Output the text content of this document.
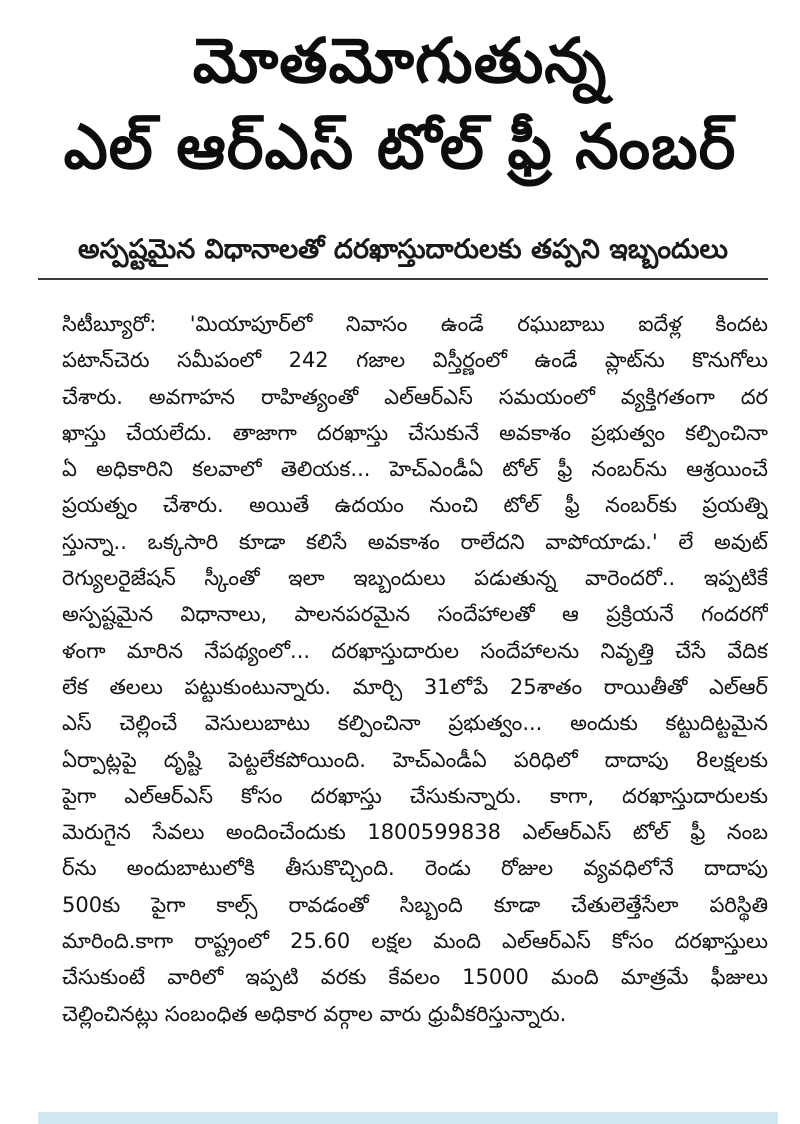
మోతమోగుతున్న
ఎల్ ఆర్ఎస్ టోల్ ఫ్రీ నంబర్
అస్పష్టమైన విధానాలతో దరఖాస్తుదారులకు తప్పని ఇబ్బందులు
సిటీబ్యూరో: 'మియాపూర్‌లో నివాసం ఉండే రఘుబాబు ఐదేళ్ల కిందట
పటాన్‌చెరు సమీపంలో 242 గజాల విస్తీర్ణంలో ఉండే ప్లాట్‌ను కొనుగోలు
చేశారు. అవగాహన రాహిత్యంతో ఎల్ఆర్ఎస్ సమయంలో వ్యక్తిగతంగా దర
ఖాస్తు చేయలేదు. తాజాగా దరఖాస్తు చేసుకునే అవకాశం ప్రభుత్వం కల్పించినా
ఏ అధికారిని కలవాలో తెలియక... హెచ్ఎండీఏ టోల్ ఫ్రీ నంబర్‌ను ఆశ్రయించే
ప్రయత్నం చేశారు. అయితే ఉదయం నుంచి టోల్ ఫ్రీ నంబర్‌కు ప్రయత్ని
స్తున్నా.. ఒక్కసారి కూడా కలిసే అవకాశం రాలేదని వాపోయాడు.' లే అవుట్
రెగ్యులరైజేషన్ స్కీంతో ఇలా ఇబ్బందులు పడుతున్న వారెందరో.. ఇప్పటికే
అస్పష్టమైన విధానాలు, పాలనపరమైన సందేహాలతో ఆ ప్రక్రియనే గందరగో
ళంగా మారిన నేపథ్యంలో... దరఖాస్తుదారుల సందేహాలను నివృత్తి చేసే వేదిక
లేక తలలు పట్టుకుంటున్నారు. మార్చి 31లోపే 25శాతం రాయితీతో ఎల్ఆర్
ఎస్ చెల్లించే వెసులుబాటు కల్పించినా ప్రభుత్వం... అందుకు కట్టుదిట్టమైన
ఏర్పాట్లపై దృష్టి పెట్టలేకపోయింది. హెచ్ఎండీఏ పరిధిలో దాదాపు 8లక్షలకు
పైగా ఎల్ఆర్ఎస్ కోసం దరఖాస్తు చేసుకున్నారు. కాగా, దరఖాస్తుదారులకు
మెరుగైన సేవలు అందించేందుకు 1800599838 ఎల్ఆర్ఎస్ టోల్ ఫ్రీ నంబ
ర్‌ను అందుబాటులోకి తీసుకొచ్చింది. రెండు రోజుల వ్యవధిలోనే దాదాపు
500కు పైగా కాల్స్ రావడంతో సిబ్బంది కూడా చేతులెత్తేసేలా పరిస్థితి
మారింది.కాగా రాష్ట్రంలో 25.60 లక్షల మంది ఎల్ఆర్ఎస్ కోసం దరఖాస్తులు
చేసుకుంటే వారిలో ఇప్పటి వరకు కేవలం 15000 మంది మాత్రమే ఫీజులు
చెల్లించినట్లు సంబంధిత అధికార వర్గాల వారు ధ్రువీకరిస్తున్నారు.
